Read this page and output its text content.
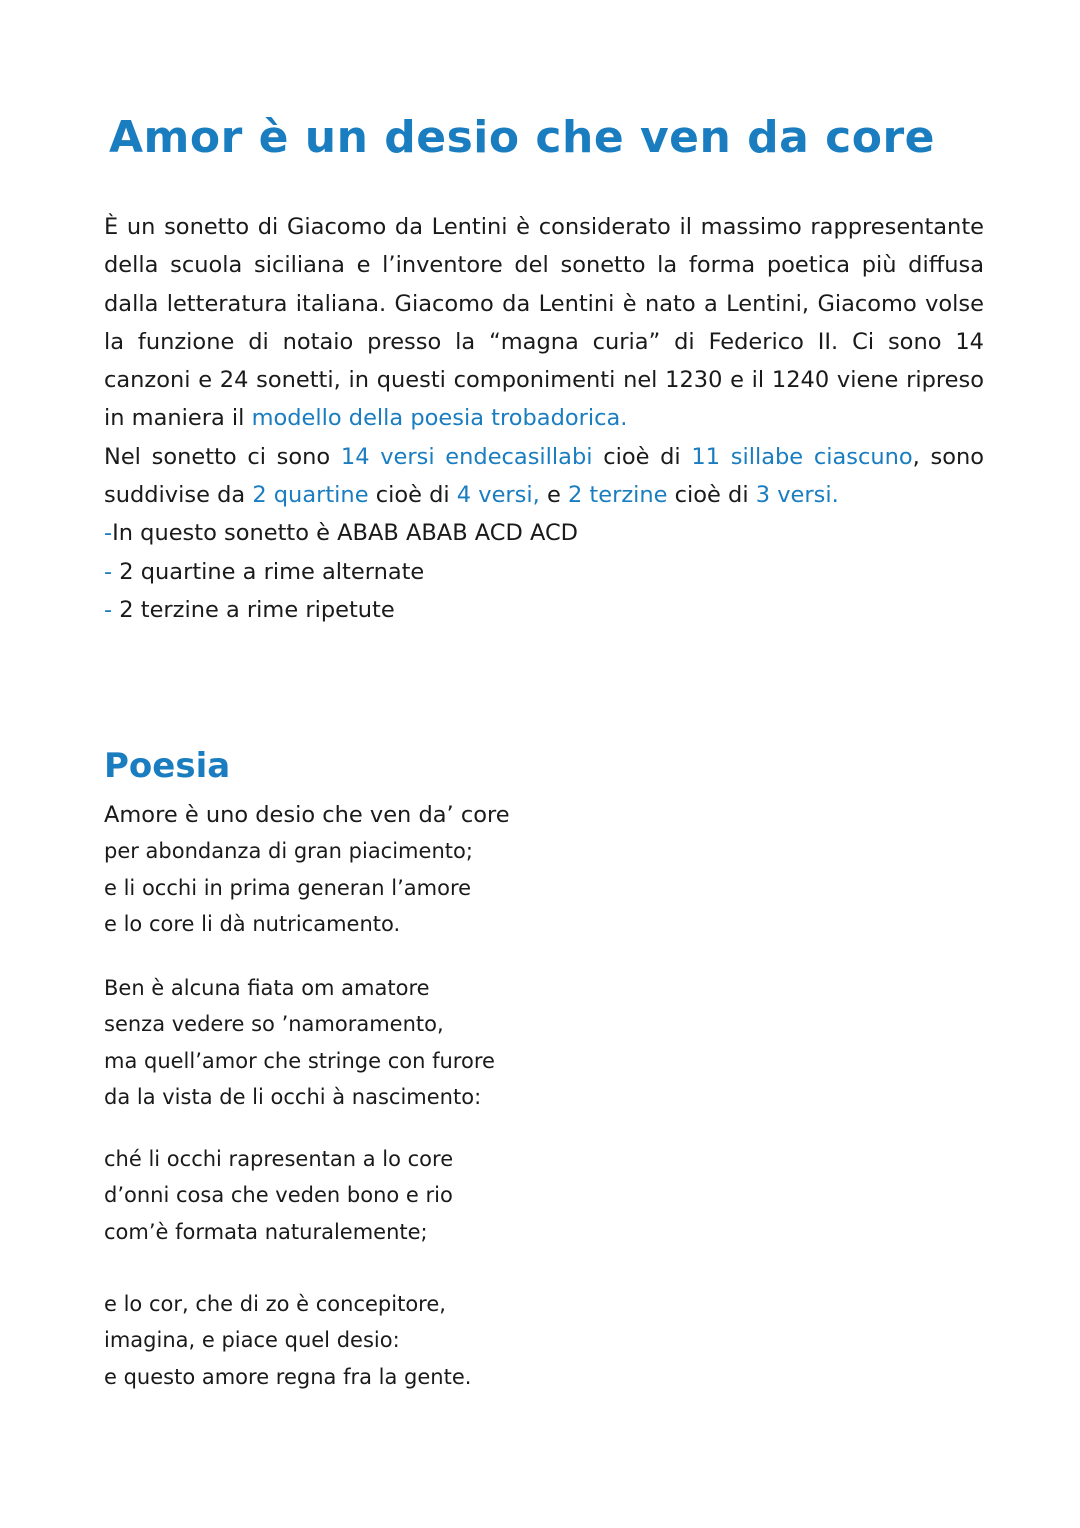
Amor è un desio che ven da core

È un sonetto di Giacomo da Lentini è considerato il massimo rappresentante della scuola siciliana e l’inventore del sonetto la forma poetica più diffusa dalla letteratura italiana. Giacomo da Lentini è nato a Lentini, Giacomo volse la funzione di notaio presso la “magna curia” di Federico II. Ci sono 14 canzoni e 24 sonetti, in questi componimenti nel 1230 e il 1240 viene ripreso in maniera il modello della poesia trobadorica.

Nel sonetto ci sono 14 versi endecasillabi cioè di 11 sillabe ciascuno, sono suddivise da 2 quartine cioè di 4 versi, e 2 terzine cioè di 3 versi.

-In questo sonetto è ABAB ABAB ACD ACD

- 2 quartine a rime alternate

- 2 terzine a rime ripetute

Poesia
Amore è uno desio che ven da’ core
per abondanza di gran piacimento;
e li occhi in prima generan l’amore
e lo core li dà nutricamento.
Ben è alcuna fiata om amatore
senza vedere so ’namoramento,
ma quell’amor che stringe con furore
da la vista de li occhi à nascimento:
ché li occhi rapresentan a lo core
d’onni cosa che veden bono e rio
com’è formata naturalemente;
e lo cor, che di zo è concepitore,
imagina, e piace quel desio:
e questo amore regna fra la gente.
